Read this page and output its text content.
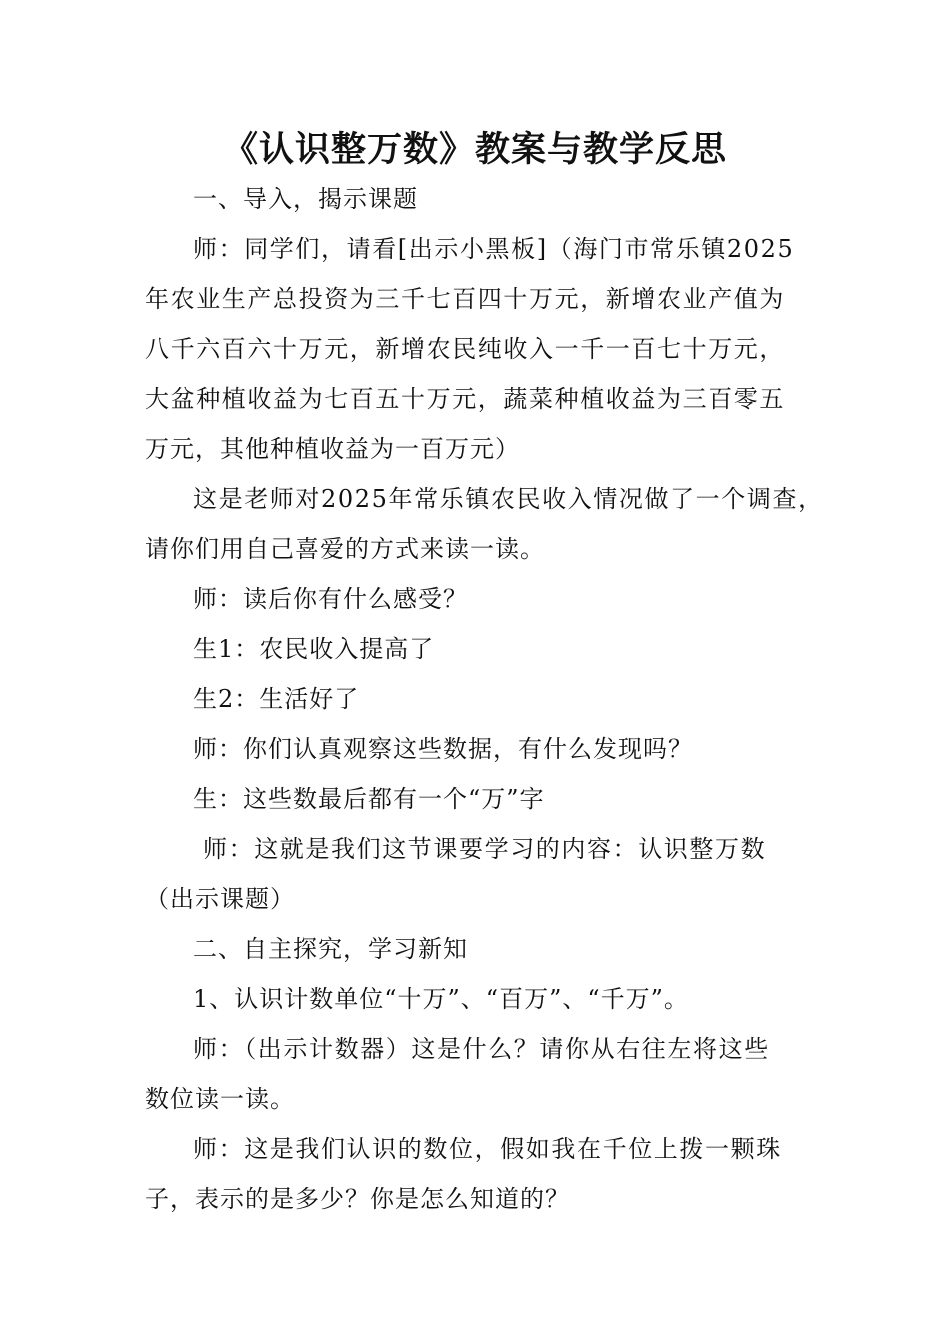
《认识整万数》教案与教学反思
一、导入，揭示课题
师：同学们，请看[出示小黑板]（海门市常乐镇2025
年农业生产总投资为三千七百四十万元，新增农业产值为
八千六百六十万元，新增农民纯收入一千一百七十万元，
大盆种植收益为七百五十万元，蔬菜种植收益为三百零五
万元，其他种植收益为一百万元）
这是老师对2025年常乐镇农民收入情况做了一个调查，
请你们用自己喜爱的方式来读一读。
师：读后你有什么感受？
生1：农民收入提高了
生2：生活好了
师：你们认真观察这些数据，有什么发现吗？
生：这些数最后都有一个“万”字
师：这就是我们这节课要学习的内容：认识整万数
（出示课题）
二、自主探究，学习新知
1、认识计数单位“十万”、“百万”、“千万”。
师：（出示计数器）这是什么？请你从右往左将这些
数位读一读。
师：这是我们认识的数位，假如我在千位上拨一颗珠
子，表示的是多少？你是怎么知道的？
